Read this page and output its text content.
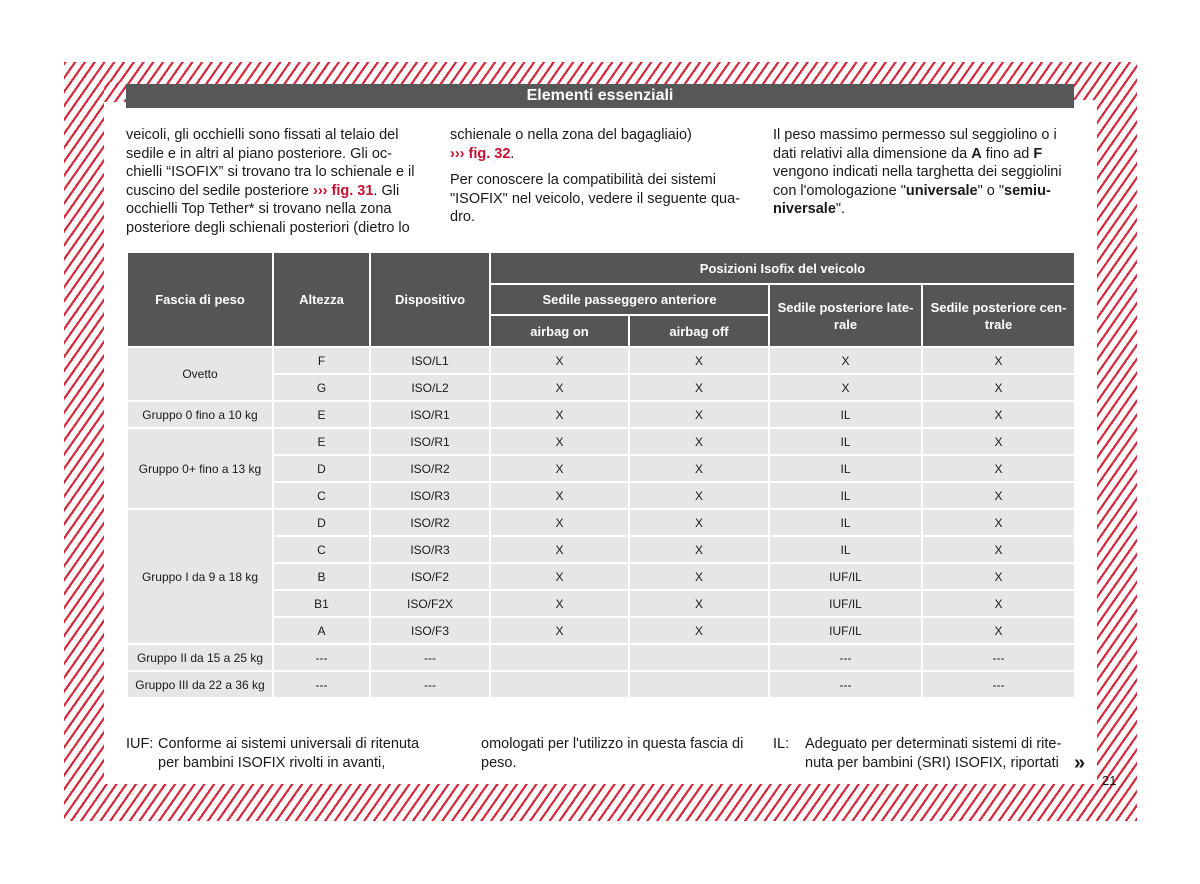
Elementi essenziali

veicoli, gli occhielli sono fissati al telaio del sedile e in altri al piano posteriore. Gli occhielli “ISOFIX” si trovano tra lo schienale e il cuscino del sedile posteriore ››› fig. 31. Gli occhielli Top Tether* si trovano nella zona posteriore degli schienali posteriori (dietro lo

schienale o nella zona del bagagliaio)
››› fig. 32.

Per conoscere la compatibilità dei sistemi "ISOFIX" nel veicolo, vedere il seguente quadro.

Il peso massimo permesso sul seggiolino o i dati relativi alla dimensione da A fino ad F vengono indicati nella targhetta dei seggiolini con l'omologazione "universale" o "semiuniversale".

Fascia di peso	Altezza	Dispositivo	Posizioni Isofix del veicolo			
			Sedile passeggero anteriore		Sedile posteriore laterale	Sedile posteriore centrale
			airbag on	airbag off		
Ovetto	F	ISO/L1	X	X	X	X
	G	ISO/L2	X	X	X	X
Gruppo 0 fino a 10 kg	E	ISO/R1	X	X	IL	X
Gruppo 0+ fino a 13 kg	E	ISO/R1	X	X	IL	X
	D	ISO/R2	X	X	IL	X
	C	ISO/R3	X	X	IL	X
Gruppo I da 9 a 18 kg	D	ISO/R2	X	X	IL	X
	C	ISO/R3	X	X	IL	X
	B	ISO/F2	X	X	IUF/IL	X
	B1	ISO/F2X	X	X	IUF/IL	X
	A	ISO/F3	X	X	IUF/IL	X
Gruppo II da 15 a 25 kg	---	---			---	---
Gruppo III da 22 a 36 kg	---	---			---	---
IUF: Conforme ai sistemi universali di ritenuta per bambini ISOFIX rivolti in avanti,
omologati per l'utilizzo in questa fascia di peso.
IL: Adeguato per determinati sistemi di ritenuta per bambini (SRI) ISOFIX, riportati »
21
